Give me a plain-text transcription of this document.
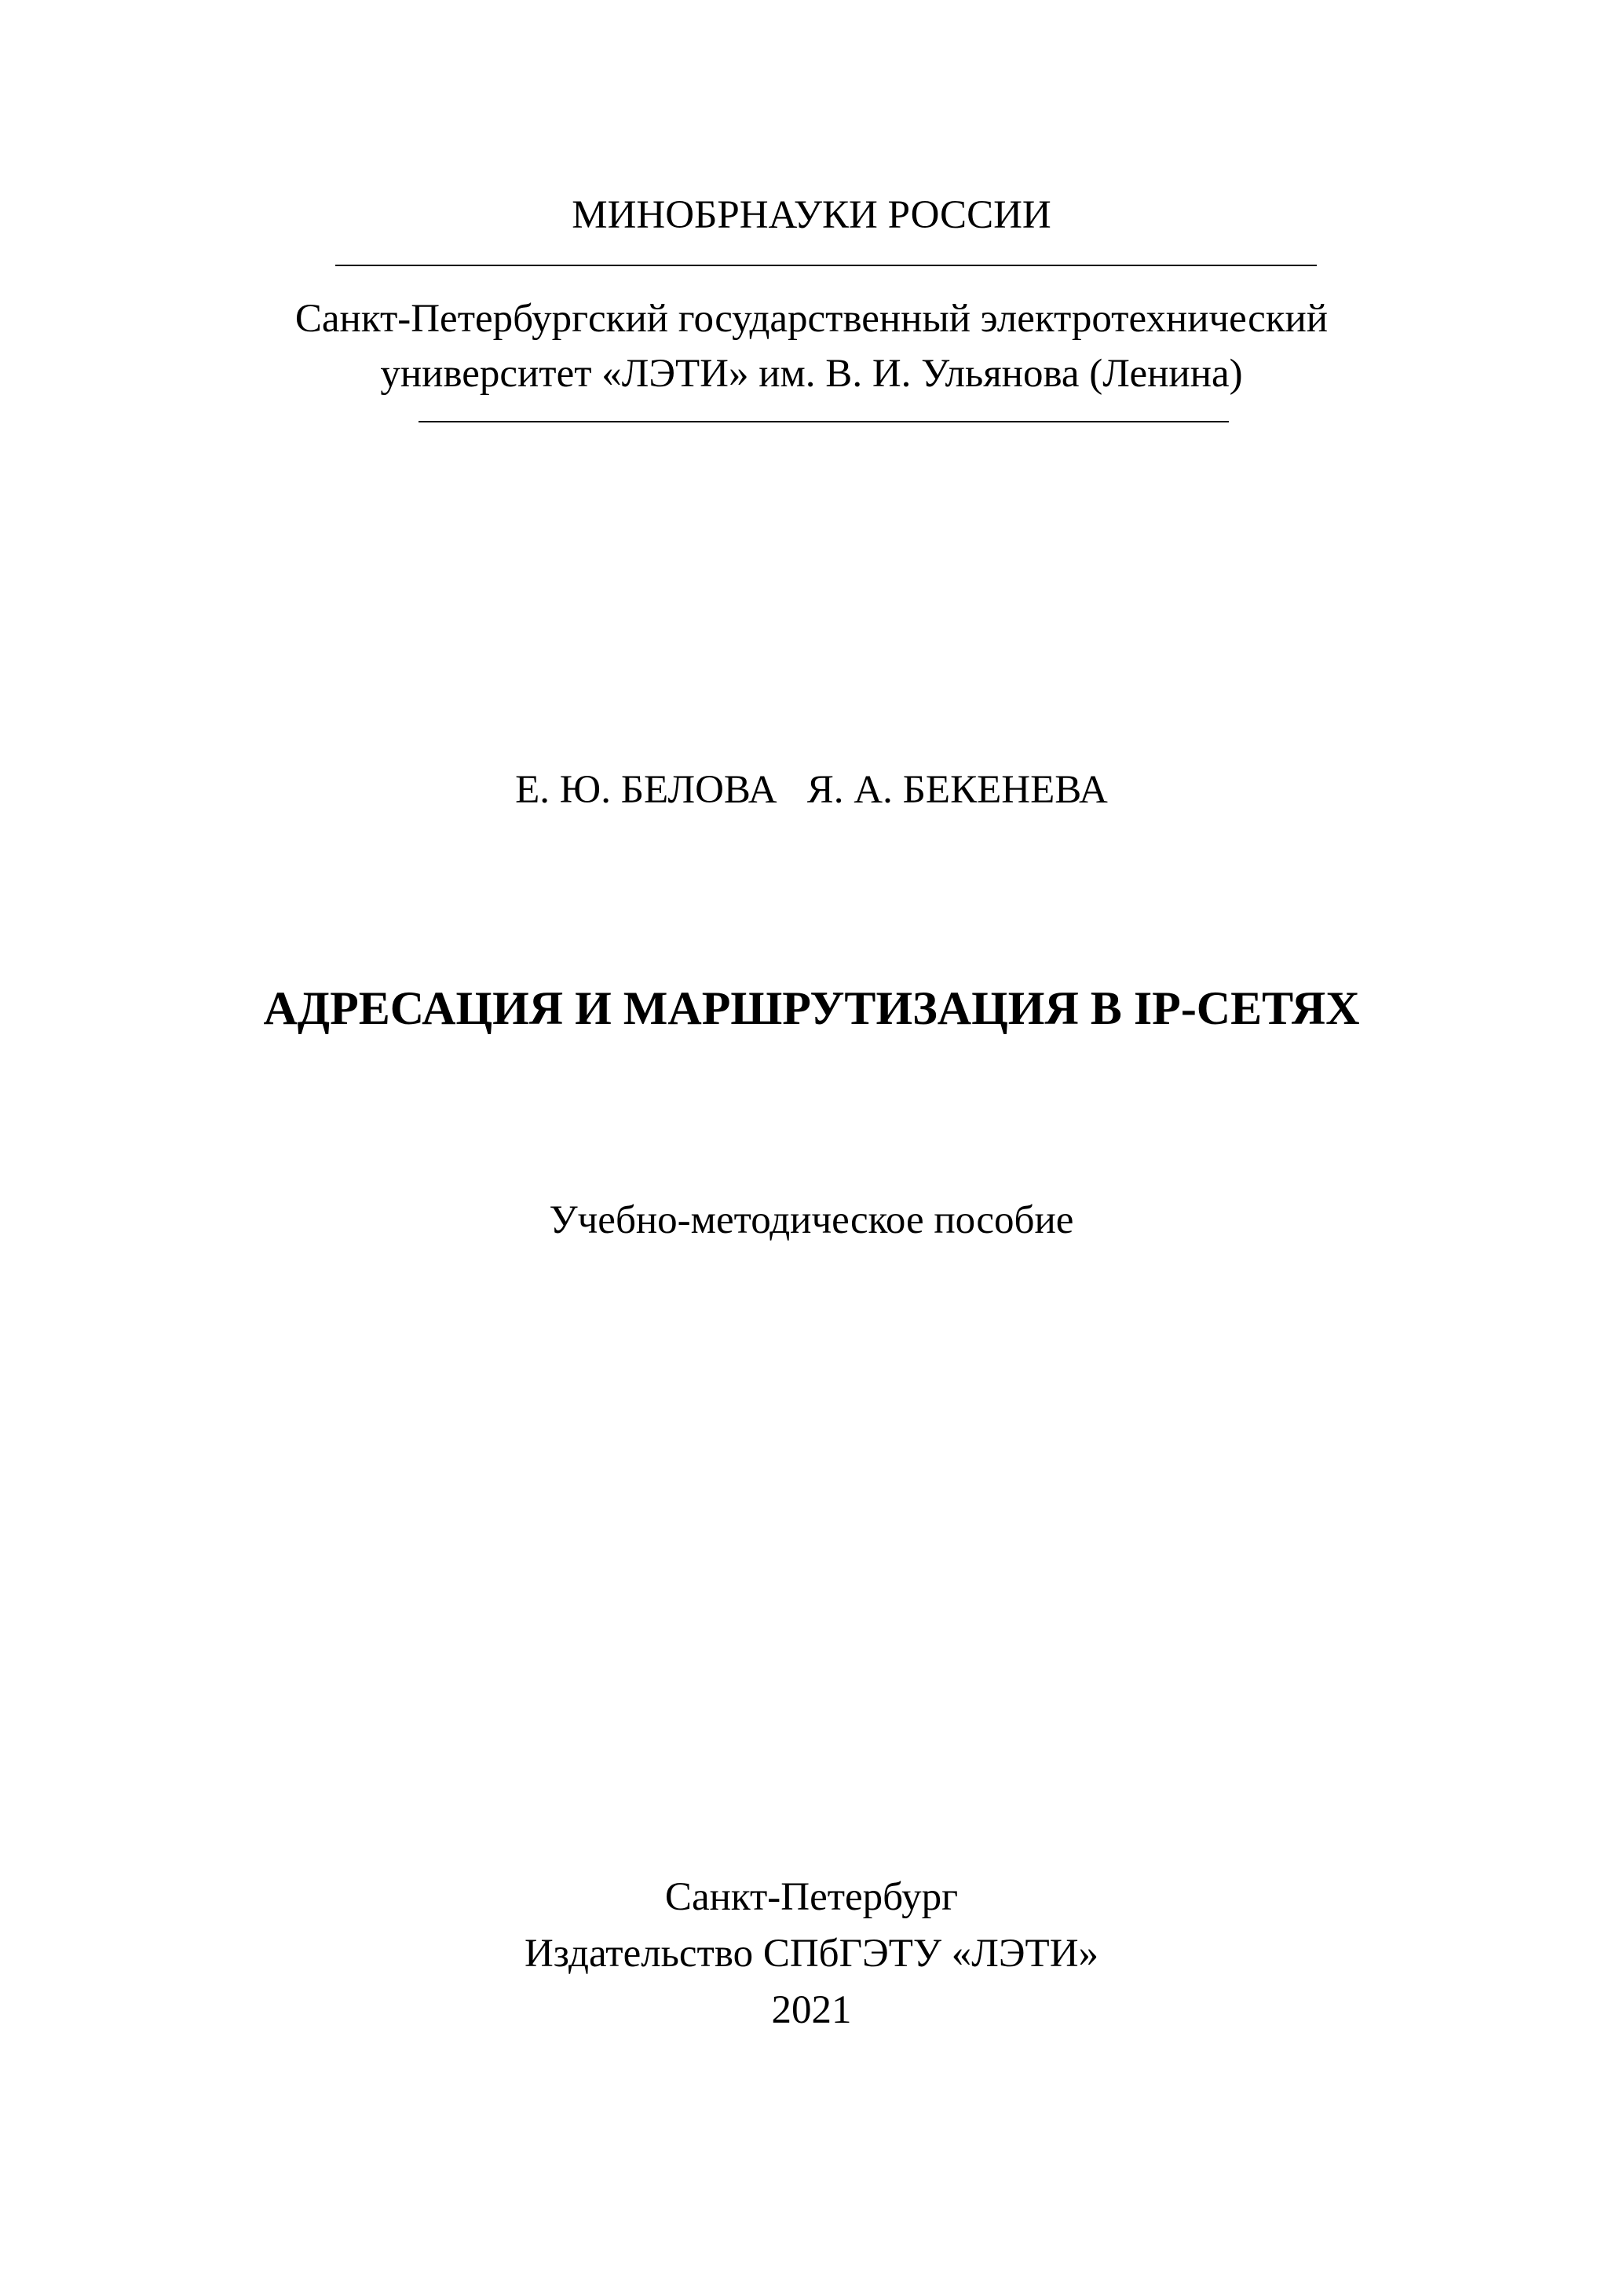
МИНОБРНАУКИ РОССИИ
Санкт-Петербургский государственный электротехнический
университет «ЛЭТИ» им. В. И. Ульянова (Ленина)
Е. Ю. БЕЛОВА   Я. А. БЕКЕНЕВА
АДРЕСАЦИЯ И МАРШРУТИЗАЦИЯ В IP-СЕТЯХ
Учебно-методическое пособие
Санкт-Петербург
Издательство СПбГЭТУ «ЛЭТИ»
2021
